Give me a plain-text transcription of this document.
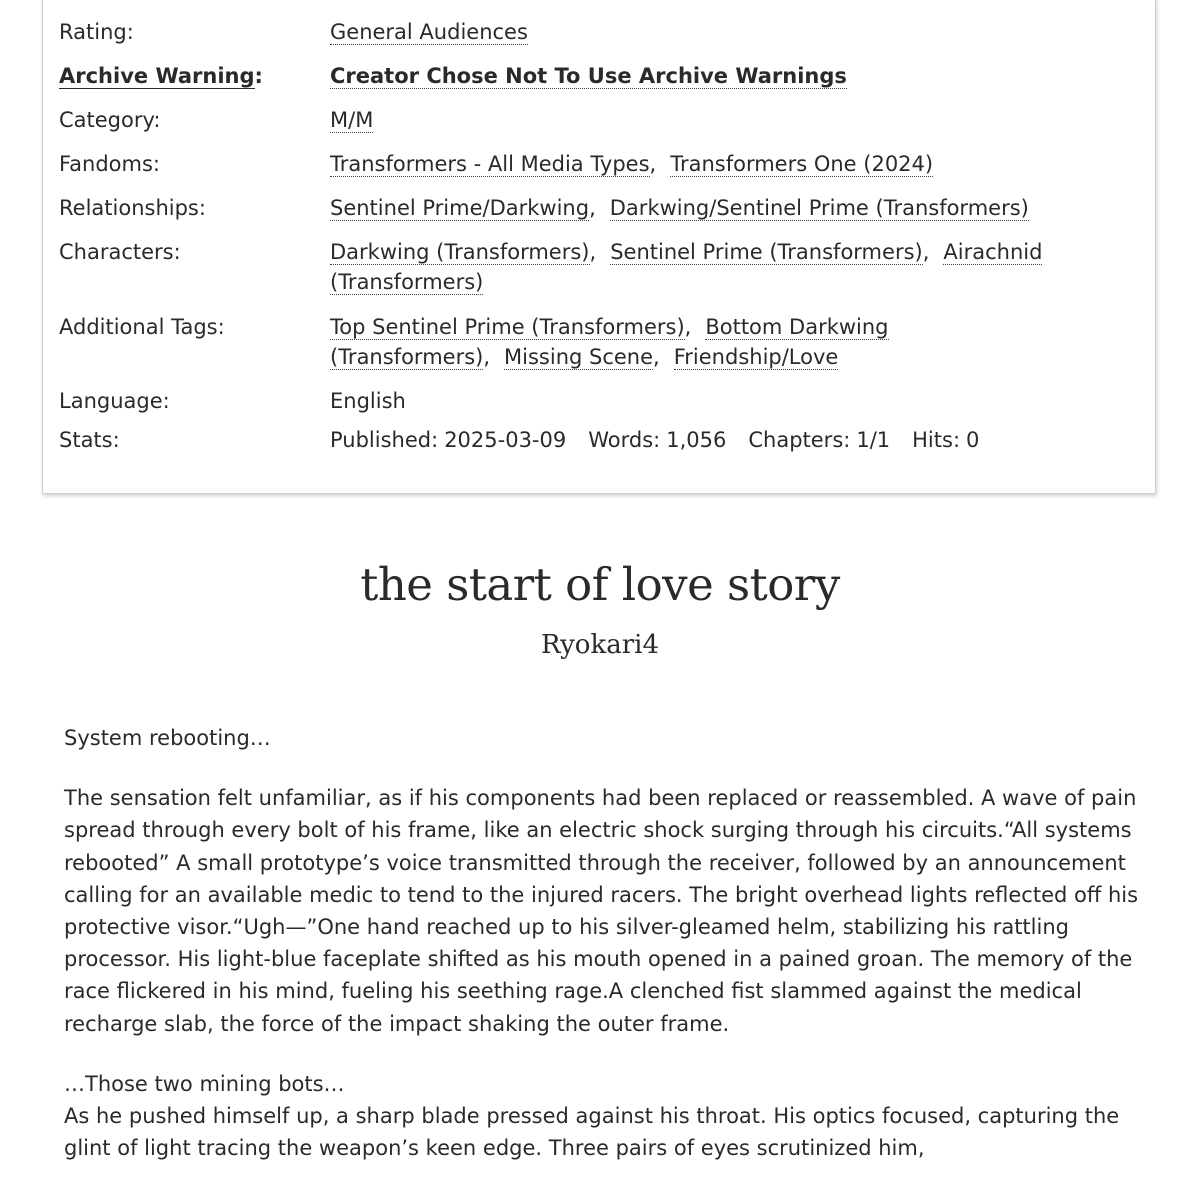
Rating:	General Audiences
Archive Warning:	Creator Chose Not To Use Archive Warnings
Category:	M/M
Fandoms:	Transformers - All Media Types, Transformers One (2024)
Relationships:	Sentinel Prime/Darkwing, Darkwing/Sentinel Prime (Transformers)
Characters:	Darkwing (Transformers), Sentinel Prime (Transformers), Airachnid (Transformers)
Additional Tags:	Top Sentinel Prime (Transformers), Bottom Darkwing (Transformers), Missing Scene, Friendship/Love
Language:	English
Stats:	Published: 2025-03-09 Words: 1,056 Chapters: 1/1 Hits: 0
the start of love story
Ryokari4

System rebooting…

The sensation felt unfamiliar, as if his components had been replaced or reassembled. A wave of pain spread through every bolt of his frame, like an electric shock surging through his circuits.“All systems rebooted” A small prototype’s voice transmitted through the receiver, followed by an announcement calling for an available medic to tend to the injured racers. The bright overhead lights reflected off his protective visor.“Ugh—”One hand reached up to his silver-gleamed helm, stabilizing his rattling processor. His light-blue faceplate shifted as his mouth opened in a pained groan. The memory of the race flickered in his mind, fueling his seething rage.A clenched fist slammed against the medical recharge slab, the force of the impact shaking the outer frame.

…Those two mining bots…

As he pushed himself up, a sharp blade pressed against his throat. His optics focused, capturing the glint of light tracing the weapon’s keen edge. Three pairs of eyes scrutinized him,
